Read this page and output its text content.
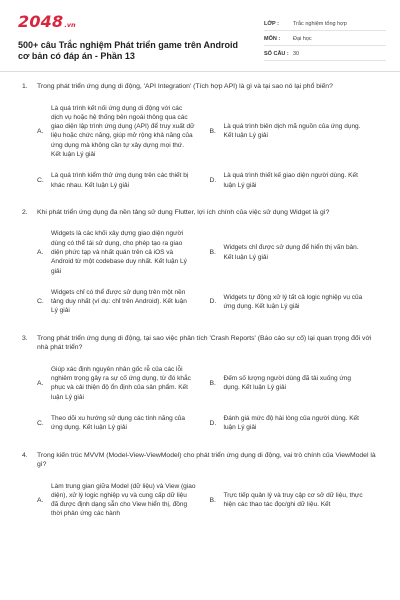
2048 .vn
500+ câu Trắc nghiệm Phát triển game trên Android cơ bản có đáp án - Phần 13
LỚP :	Trắc nghiệm tổng hợp
MÔN :	Đại học
SỐ CÂU : 30
1.	Trong phát triển ứng dụng di động, 'API Integration' (Tích hợp API) là gì và tại sao nó lại phổ biến?
A.
Là quá trình kết nối ứng dụng di động với các dịch vụ hoặc hệ thống bên ngoài thông qua các giao diện lập trình ứng dụng (API) để truy xuất dữ liệu hoặc chức năng, giúp mở rộng khả năng của ứng dụng mà không cần tự xây dựng mọi thứ. Kết luận Lý giải
B.
Là quá trình biên dịch mã nguồn của ứng dụng. Kết luận Lý giải
C.
Là quá trình kiểm thử ứng dụng trên các thiết bị khác nhau. Kết luận Lý giải
D.
Là quá trình thiết kế giao diện người dùng. Kết luận Lý giải
2.	Khi phát triển ứng dụng đa nền tảng sử dụng Flutter, lợi ích chính của việc sử dụng Widget là gì?
A.
Widgets là các khối xây dựng giao diện người dùng có thể tái sử dụng, cho phép tạo ra giao diện phức tạp và nhất quán trên cả iOS và Android từ một codebase duy nhất. Kết luận Lý giải
B.
Widgets chỉ được sử dụng để hiển thị văn bản. Kết luận Lý giải
C.
Widgets chỉ có thể được sử dụng trên một nền tảng duy nhất (ví dụ: chỉ trên Android). Kết luận Lý giải
D.
Widgets tự động xử lý tất cả logic nghiệp vụ của ứng dụng. Kết luận Lý giải
3.	Trong phát triển ứng dụng di động, tại sao việc phân tích 'Crash Reports' (Báo cáo sự cố) lại quan trọng đối với nhà phát triển?
A.
Giúp xác định nguyên nhân gốc rễ của các lỗi nghiêm trọng gây ra sự cố ứng dụng, từ đó khắc phục và cải thiện độ ổn định của sản phẩm. Kết luận Lý giải
B.
Đếm số lượng người dùng đã tải xuống ứng dụng. Kết luận Lý giải
C.
Theo dõi xu hướng sử dụng các tính năng của ứng dụng. Kết luận Lý giải
D.
Đánh giá mức độ hài lòng của người dùng. Kết luận Lý giải
4.	Trong kiến trúc MVVM (Model-View-ViewModel) cho phát triển ứng dụng di động, vai trò chính của ViewModel là gì?
A.
Làm trung gian giữa Model (dữ liệu) và View (giao diện), xử lý logic nghiệp vụ và cung cấp dữ liệu đã được định dạng sẵn cho View hiển thị, đồng thời phản ứng các hành
B.
Trực tiếp quản lý và truy cập cơ sở dữ liệu, thực hiện các thao tác đọc/ghi dữ liệu. Kết
